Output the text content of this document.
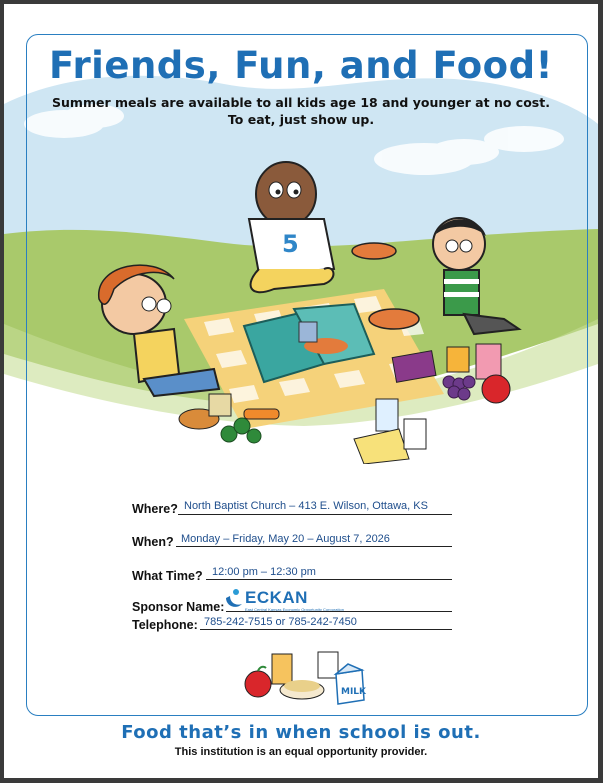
5
Friends, Fun, and Food!
Summer meals are available to all kids age 18 and younger at no cost.
To eat, just show up.
Where? North Baptist Church – 413 E. Wilson, Ottawa, KS
When? Monday – Friday, May 20 – August 7, 2026
What Time? 12:00 pm – 12:30 pm
Sponsor Name: ECKAN
East Central Kansas Economic Opportunity Corporation
Telephone: 785-242-7515 or 785-242-7450
MILK
Food that’s in when school is out.
This institution is an equal opportunity provider.
